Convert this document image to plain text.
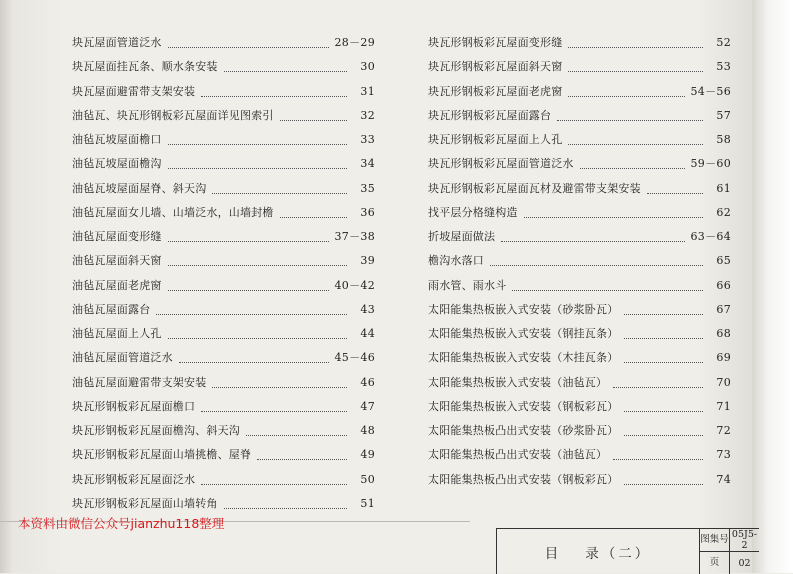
块瓦屋面管道泛水	28－29
块瓦屋面挂瓦条、顺水条安装	30
块瓦屋面避雷带支架安装	31
油毡瓦、块瓦形钢板彩瓦屋面详见图索引	32
油毡瓦坡屋面檐口	33
油毡瓦坡屋面檐沟	34
油毡瓦坡屋面屋脊、斜天沟	35
油毡瓦屋面女儿墙、山墙泛水，山墙封檐	36
油毡瓦屋面变形缝	37－38
油毡瓦屋面斜天窗	39
油毡瓦屋面老虎窗	40－42
油毡瓦屋面露台	43
油毡瓦屋面上人孔	44
油毡瓦屋面管道泛水	45－46
油毡瓦屋面避雷带支架安装	46
块瓦形钢板彩瓦屋面檐口	47
块瓦形钢板彩瓦屋面檐沟、斜天沟	48
块瓦形钢板彩瓦屋面山墙挑檐、屋脊	49
块瓦形钢板彩瓦屋面泛水	50
块瓦形钢板彩瓦屋面山墙转角	51
块瓦形钢板彩瓦屋面变形缝	52
块瓦形钢板彩瓦屋面斜天窗	53
块瓦形钢板彩瓦屋面老虎窗	54－56
块瓦形钢板彩瓦屋面露台	57
块瓦形钢板彩瓦屋面上人孔	58
块瓦形钢板彩瓦屋面管道泛水	59－60
块瓦形钢板彩瓦屋面瓦材及避雷带支架安装	61
找平层分格缝构造	62
折坡屋面做法	63－64
檐沟水落口	65
雨水管、雨水斗	66
太阳能集热板嵌入式安装（砂浆卧瓦）	67
太阳能集热板嵌入式安装（钢挂瓦条）	68
太阳能集热板嵌入式安装（木挂瓦条）	69
太阳能集热板嵌入式安装（油毡瓦）	70
太阳能集热板嵌入式安装（钢板彩瓦）	71
太阳能集热板凸出式安装（砂浆卧瓦）	72
太阳能集热板凸出式安装（油毡瓦）	73
太阳能集热板凸出式安装（钢板彩瓦）	74
本资料由微信公众号jianzhu118整理
目 录（二）
图集号 05J5-2
页	02
